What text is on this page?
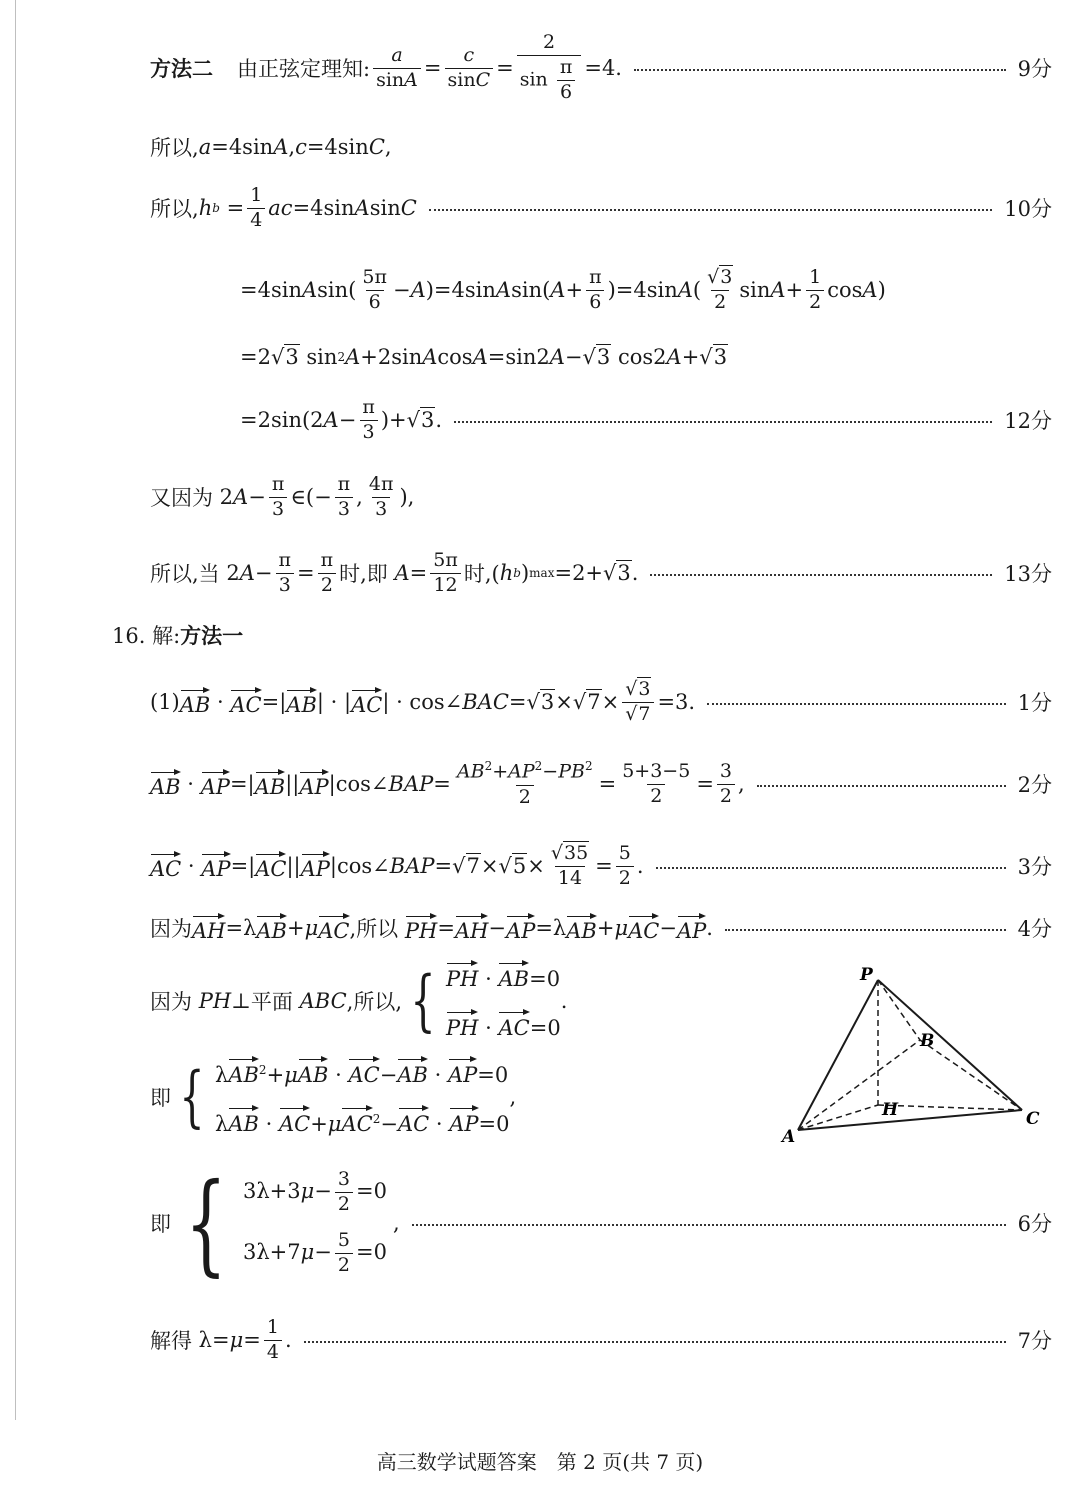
方法二 由正弦定理知: $\frac{a}{\sin A} = \frac{c}{\sin C} = \frac{2}{\sin \frac{\pi}{6}} =4$.	9分
所以, a =4sin A , c =4sin C ,
所以, h $b = \frac{1}{4}$ ac =4sin A sin C	10分
=4sin A $\sin( \frac{5\pi}{6} - A$ )=4sin A sin( $A + \frac{\pi}{6} )=4\sin$ A ( $\frac{√3}{2}$ $\sin A + \frac{1}{2}$ cos A )
=2 √3 sin 2 A +2sin A cos A =sin2 A − √3 cos2 A + √3
=2sin(2 $A - \frac{\pi}{3}$ )+ √3 .	12分
又因为 2 $A - \frac{\pi}{3}$ ∈(− $\frac{\pi}{3}$ , $\frac{4\pi}{3}$ ),
所以,当 2 $A - \frac{\pi}{3} = \frac{\pi}{2}$ 时,即
$A = \frac{5\pi}{12}$ 时,( h b ) max =2+ √3 .	13分
16. 解: 方法一
(1) AB · AC =| AB | · | AC | · cos∠ BAC = $√3 \times √7 \times \frac{√3}{√7} =3$.	1分
AB · AP =| AB || AP |cos∠ BAP = $\frac{AB^2+AP^2-PB^2}{2} = \frac{5+3-5}{2} = \frac{3}{2}$ ,	2分
AC · AP =| AC || AP |cos∠ BAP = $√7 \times √5 \times \frac{√35}{14} = \frac{5}{2}$ .	3分
因为 AH =λ AB + μ AC ,所以
PH = AH − AP =λ AB + μ AC − AP .	4分
因为
PH ⊥ 平面
ABC ,所以, { PH · AB=0
PH · AC=0
.
即 { λAB$^2$+μAB · AC−AB · AP=0
λAB · AC+μAC$^2$−AC · AP=0
,
即 { $3\lambda+3\mu- \frac{3}{2} =0$
$3\lambda+7\mu- \frac{5}{2} =0$
,	6分
解得 $\lambda= \mu = \frac{1}{4}$ .	7分
P
B
H
A
C
高三数学试题答案　第 2 页(共 7 页)
